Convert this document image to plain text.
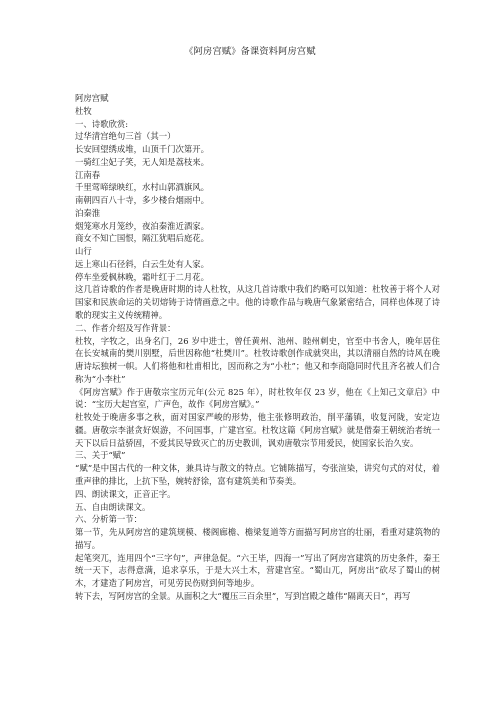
《阿房宫赋》备课资料阿房宫赋

阿房宫赋

杜牧

一、诗歌欣赏:

过华清宫绝句三首（其一）

长安回望绣成堆，山顶千门次第开。

一骑红尘妃子笑，无人知是荔枝来。

江南春

千里莺啼绿映红，水村山郭酒旗风。

南朝四百八十寺，多少楼台烟雨中。

泊秦淮

烟笼寒水月笼纱，夜泊秦淮近酒家。

商女不知亡国恨，隔江犹唱后庭花。

山行

远上寒山石径斜，白云生处有人家。

停车坐爱枫林晚，霜叶红于二月花。

这几首诗歌的作者是晚唐时期的诗人杜牧，从这几首诗歌中我们约略可以知道：杜牧善于将个人对国家和民族命运的关切熔铸于诗情画意之中。他的诗歌作品与晚唐气象紧密结合，同样也体现了诗歌的现实主义传统精神。

二、作者介绍及写作背景：

杜牧，字牧之，出身名门，26 岁中进士，曾任黄州、池州、睦州刺史，官至中书舍人，晚年居住在长安城南的樊川别墅，后世因称他“杜樊川”。杜牧诗歌创作成就突出，其以清丽自然的诗风在晚唐诗坛独树一帜。人们将他和杜甫相比，因而称之为“小杜”；他又和李商隐同时代且齐名被人们合称为“小李杜”

《阿房宫赋》作于唐敬宗宝历元年(公元 825 年），时杜牧年仅 23 岁，他在《上知己文章启》中说：“宝历大起宫室，广声色，故作《阿房宫赋》。”

杜牧处于晚唐多事之秋，面对国家严峻的形势，他主张修明政治，削平藩镇，收复河陇，安定边疆。唐敬宗李湛贪好娱游，不问国事，广建宫室。杜牧这篇《阿房宫赋》就是借秦王朝统治者统一天下以后日益骄固，不爱其民导致灭亡的历史教训，讽劝唐敬宗节用爱民，使国家长治久安。

三、关于“赋”

“赋”是中国古代的一种文体，兼具诗与散文的特点。它铺陈描写，夸张渲染，讲究句式的对仗，着重声律的排比，上抗下坠，婉转舒徐，富有建筑美和节奏美。

四、朗读课文，正音正字。

五、自由朗读课文。

六、分析第一节：

第一节，先从阿房宫的建筑规模、楼阁廊檐、檐梁复道等方面描写阿房宫的壮丽，看重对建筑物的描写。

起笔突兀，连用四个“三字句”，声律急促。“六王毕，四海一”写出了阿房宫建筑的历史条件，秦王统一天下，志得意满，追求享乐，于是大兴土木，营建宫室。“蜀山兀，阿房出”砍尽了蜀山的树木，才建造了阿房宫，可见劳民伤财到何等地步。

转下去，写阿房宫的全景。从面积之大“覆压三百余里”，写到宫殿之雄伟“隔离天日”，再写
